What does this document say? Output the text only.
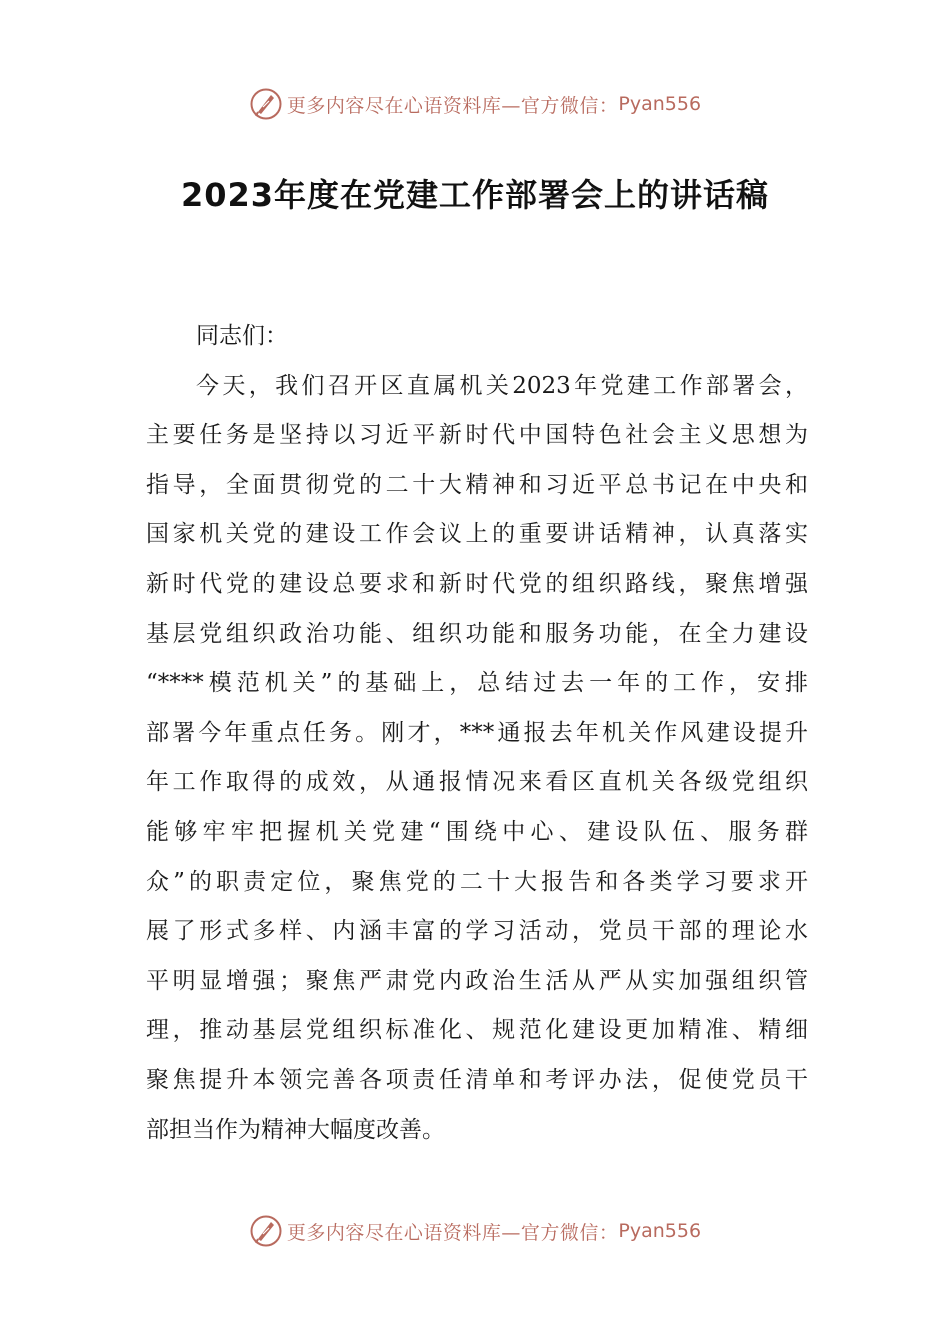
更多内容尽在心语资料库—官方微信： Pyan556
2023年度在党建工作部署会上的讲话稿

同志们：

今天，我们召开区直属机关2023年党建工作部署会，

主要任务是坚持以习近平新时代中国特色社会主义思想为

指导，全面贯彻党的二十大精神和习近平总书记在中央和

国家机关党的建设工作会议上的重要讲话精神，认真落实

新时代党的建设总要求和新时代党的组织路线，聚焦增强

基层党组织政治功能、组织功能和服务功能，在全力建设

“****模范机关”的基础上，总结过去一年的工作，安排

部署今年重点任务。刚才，***通报去年机关作风建设提升

年工作取得的成效，从通报情况来看区直机关各级党组织

能够牢牢把握机关党建“围绕中心、建设队伍、服务群

众”的职责定位，聚焦党的二十大报告和各类学习要求开

展了形式多样、内涵丰富的学习活动，党员干部的理论水

平明显增强；聚焦严肃党内政治生活从严从实加强组织管

理，推动基层党组织标准化、规范化建设更加精准、精细

聚焦提升本领完善各项责任清单和考评办法，促使党员干

部担当作为精神大幅度改善。

更多内容尽在心语资料库—官方微信： Pyan556
